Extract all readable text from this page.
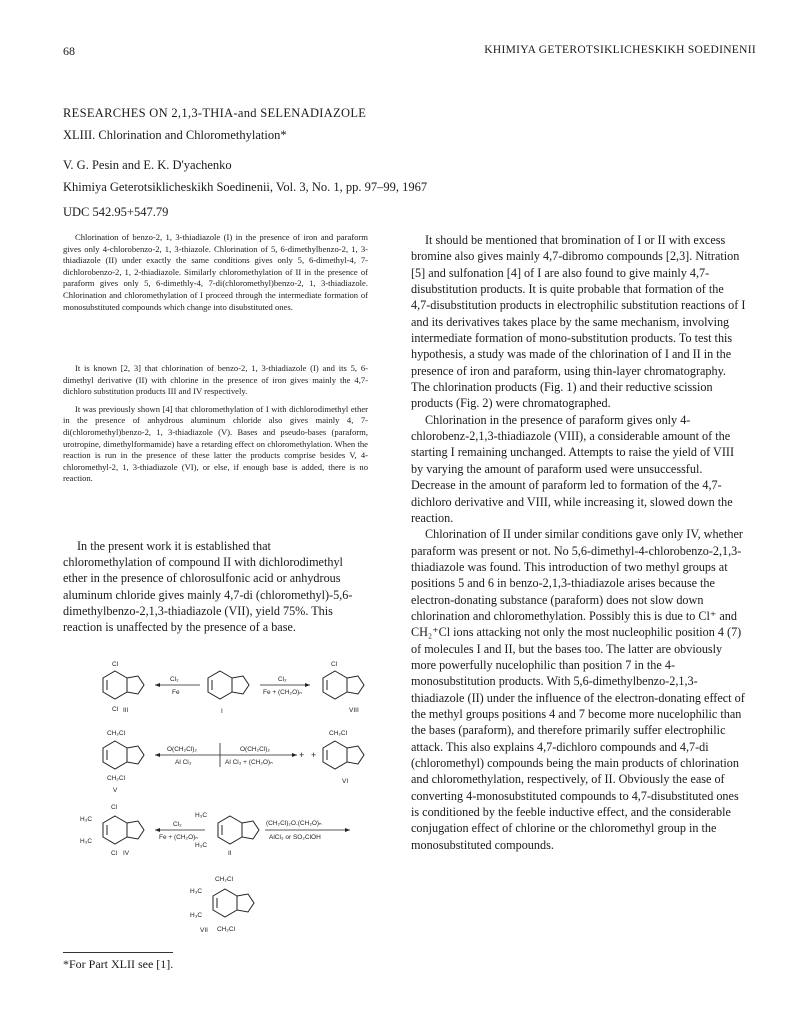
68	KHIMIYA GETEROTSIKLICHESKIKH SOEDINENII
RESEARCHES ON 2,1,3-THIA-and SELENADIAZOLE
XLIII. Chlorination and Chloromethylation*
V. G. Pesin and E. K. D'yachenko
Khimiya Geterotsiklicheskikh Soedinenii, Vol. 3, No. 1, pp. 97–99, 1967
UDC 542.95+547.79

Chlorination of benzo-2, 1, 3-thiadiazole (I) in the presence of iron and paraform gives only 4-chlorobenzo-2, 1, 3-thiazole. Chlorination of 5, 6-dimethylbenzo-2, 1, 3-thiadiazole (II) under exactly the same conditions gives only 5, 6-dimethyl-4, 7-dichlorobenzo-2, 1, 2-thiadiazole. Similarly chloromethylation of II in the presence of paraform gives only 5, 6-dimethly-4, 7-di(chloromethyl)benzo-2, 1, 3-thiadiazole. Chlorination and chloromethylation of I proceed through the intermediate formation of monosubstituted compounds which change into disubstituted ones.

It is known [2, 3] that chlorination of benzo-2, 1, 3-thiadiazole (I) and its 5, 6-dimethyl derivative (II) with chlorine in the presence of iron gives mainly the 4,7-dichloro substitution products III and IV respectively.

It was previously shown [4] that chloromethylation of I with dichlorodimethyl ether in the presence of anhydrous aluminum chloride also gives mainly 4, 7-di(chloromethyl)benzo-2, 1, 3-thiadiazole (V). Bases and pseudo-bases (paraform, urotropine, dimethylformamide) have a retarding effect on chloromethylation. When the reaction is run in the presence of these latter the products comprise besides V, 4-chloromethyl-2, 1, 3-thiadiazole (VI), or else, if enough base is added, there is no reaction.

In the present work it is established that chloromethylation of compound II with dichlorodimethyl ether in the presence of chlorosulfonic acid or anhydrous aluminum chloride gives mainly 4,7-di (chloromethyl)-5,6-dimethylbenzo-2,1,3-thiadiazole (VII), yield 75%. This reaction is unaffected by the presence of a base.

It should be mentioned that bromination of I or II with excess bromine also gives mainly 4,7-dibromo compounds [2,3]. Nitration [5] and sulfonation [4] of I are also found to give mainly 4,7-disubstitution products. It is quite probable that formation of the 4,7-disubstitution products in electrophilic substitution reactions of I and its derivatives takes place by the same mechanism, involving intermediate formation of mono-substitution products. To test this hypothesis, a study was made of the chlorination of I and II in the presence of iron and paraform, using thin-layer chromatography. The chlorination products (Fig. 1) and their reductive scission products (Fig. 2) were chromatographed.

Chlorination in the presence of paraform gives only 4-chlorobenz-2,1,3-thiadiazole (VIII), a considerable amount of the starting I remaining unchanged. Attempts to raise the yield of VIII by varying the amount of paraform used were unsuccessful. Decrease in the amount of paraform led to formation of the 4,7-dichloro derivative and VIII, while increasing it, slowed down the reaction.

Chlorination of II under similar conditions gave only IV, whether paraform was present or not. No 5,6-dimethyl-4-chlorobenzo-2,1,3-thiadiazole was found. This introduction of two methyl groups at positions 5 and 6 in benzo-2,1,3-thiadiazole arises because the electron-donating substance (paraform) does not slow down chlorination and chloromethylation. Possibly this is due to Cl⁺ and CH₂⁺Cl ions attacking not only the most nucleophilic position 4 (7) of molecules I and II, but the bases too. The latter are obviously more powerfully nucelophilic than position 7 in the 4-monosubstitution products. With 5,6-dimethylbenzo-2,1,3-thiadiazole (II) under the influence of the electron-donating effect of the methyl groups positions 4 and 7 become more nucelophilic than the bases (paraform), and therefore primarily suffer electrophilic attack. This also explains 4,7-dichloro compounds and 4,7-di (chloromethyl) compounds being the main products of chlorination and chloromethylation, respectively, of II. Obviously the ease of converting 4-monosubstituted compounds to 4,7-disubstituted ones is conditioned by the feeble inductive effect, and the considerable conjugation effect of chlorine or the chloromethyl group in the monosubstituted compounds.

Cl
Cl III
Cl₂
Fe
I
Cl₂
Fe + (CH₂O)ₙ
Cl
VIII
CH₂Cl
CH₂Cl
V
O(CH₂Cl)₂
Al Cl₃
O(CH₂Cl)₂
Al Cl₃ + (CH₂O)ₙ
+ +
CH₂Cl
VI
Cl
H₃C
H₃C
Cl IV
Cl₂
Fe + (CH₂O)ₙ
H₃C
H₃C
II
(CH₂Cl)₂O.(CH₂O)ₙ
AlCl₃ or SO₂ClOH
CH₂Cl
H₃C
H₃C
CH₂Cl
VII
*For Part XLII see [1].
